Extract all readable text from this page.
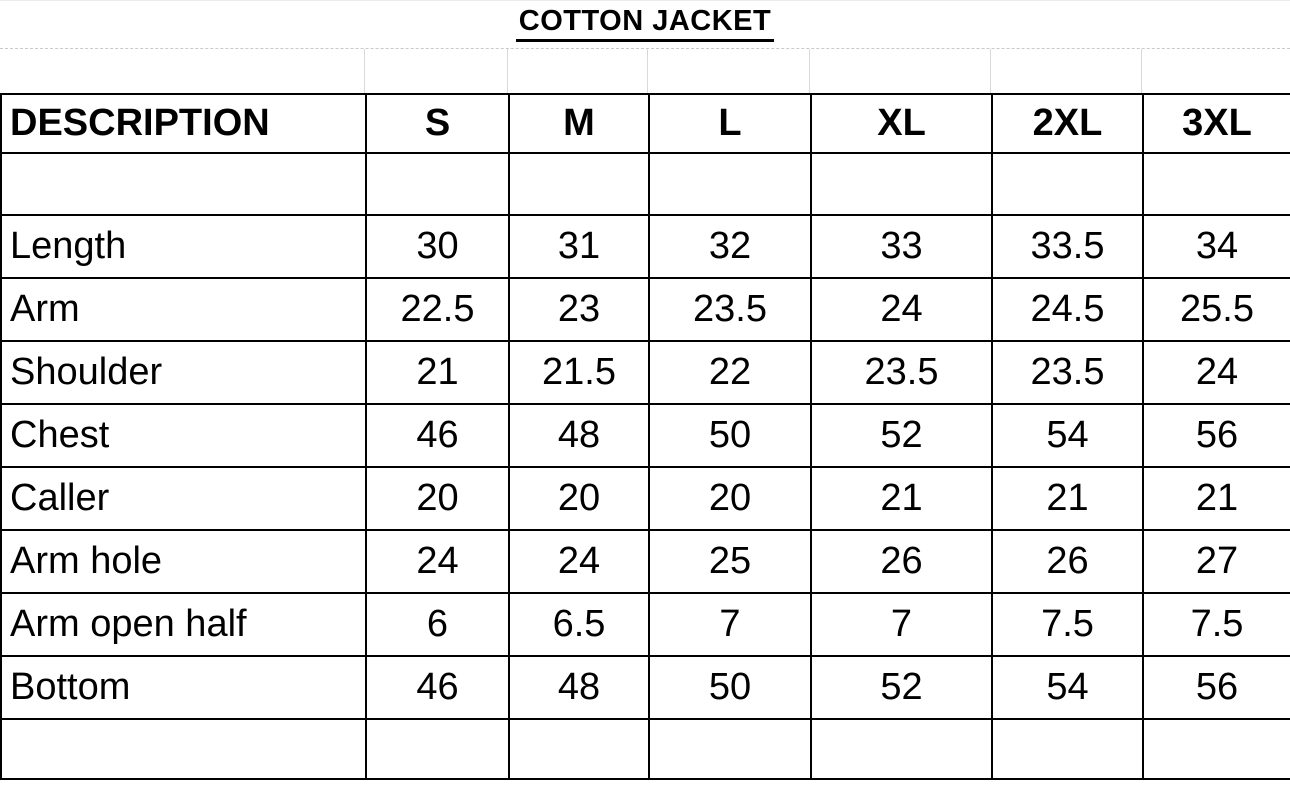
COTTON JACKET
DESCRIPTION	S	M	L	XL	2XL	3XL

Length	30	31	32	33	33.5	34
Arm	22.5	23	23.5	24	24.5	25.5
Shoulder	21	21.5	22	23.5	23.5	24
Chest	46	48	50	52	54	56
Caller	20	20	20	21	21	21
Arm hole	24	24	25	26	26	27
Arm open half	6	6.5	7	7	7.5	7.5
Bottom	46	48	50	52	54	56
